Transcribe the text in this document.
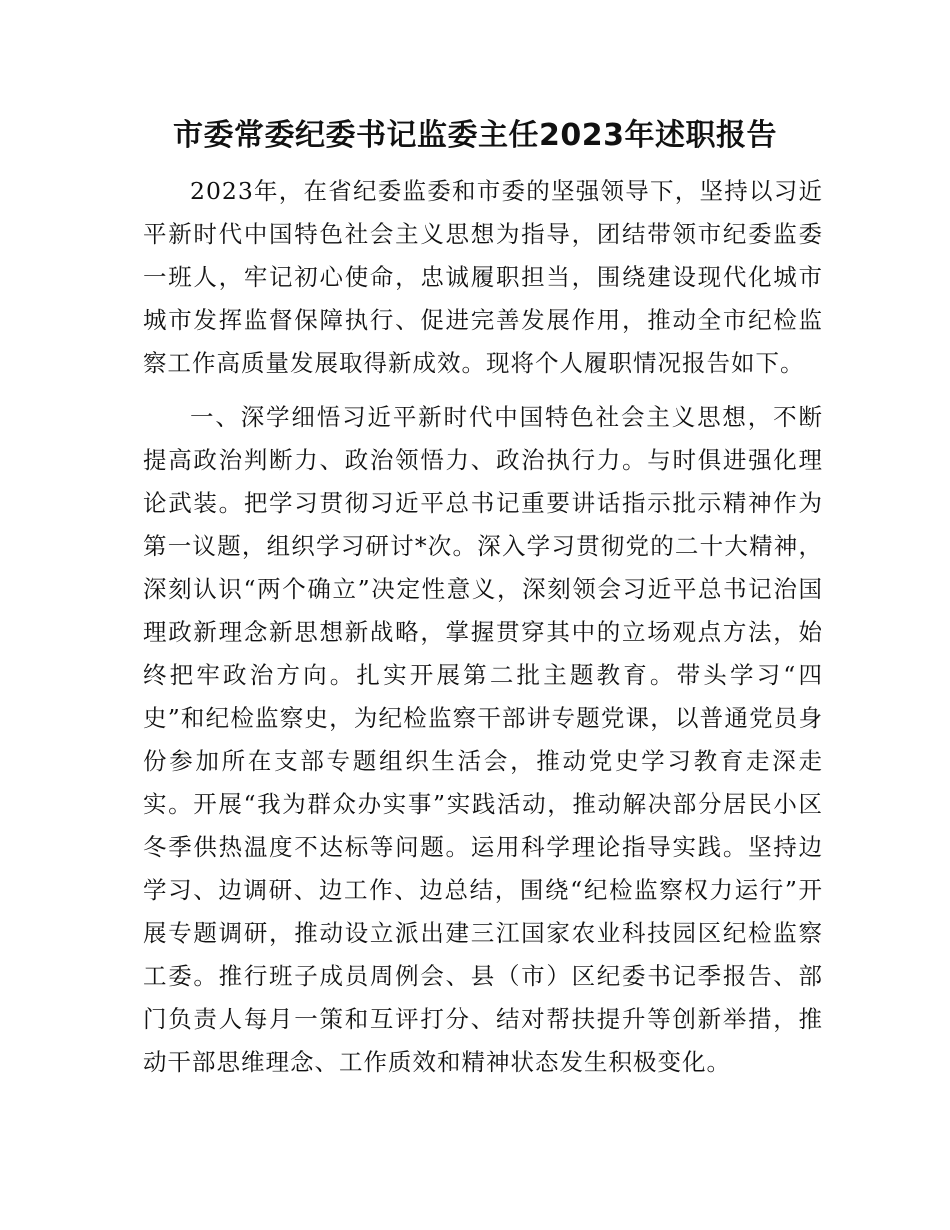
市委常委纪委书记监委主任2023年述职报告

2023年，在省纪委监委和市委的坚强领导下，坚持以习近平新时代中国特色社会主义思想为指导，团结带领市纪委监委一班人，牢记初心使命，忠诚履职担当，围绕建设现代化城市城市发挥监督保障执行、促进完善发展作用，推动全市纪检监察工作高质量发展取得新成效。现将个人履职情况报告如下。

一、深学细悟习近平新时代中国特色社会主义思想，不断提高政治判断力、政治领悟力、政治执行力。与时俱进强化理论武装。把学习贯彻习近平总书记重要讲话指示批示精神作为第一议题，组织学习研讨*次。深入学习贯彻党的二十大精神，深刻认识“两个确立”决定性意义，深刻领会习近平总书记治国理政新理念新思想新战略，掌握贯穿其中的立场观点方法，始终把牢政治方向。扎实开展第二批主题教育。带头学习“四史”和纪检监察史，为纪检监察干部讲专题党课，以普通党员身份参加所在支部专题组织生活会，推动党史学习教育走深走实。开展“我为群众办实事”实践活动，推动解决部分居民小区冬季供热温度不达标等问题。运用科学理论指导实践。坚持边学习、边调研、边工作、边总结，围绕“纪检监察权力运行”开展专题调研，推动设立派出建三江国家农业科技园区纪检监察工委。推行班子成员周例会、县（市）区纪委书记季报告、部门负责人每月一策和互评打分、结对帮扶提升等创新举措，推动干部思维理念、工作质效和精神状态发生积极变化。
